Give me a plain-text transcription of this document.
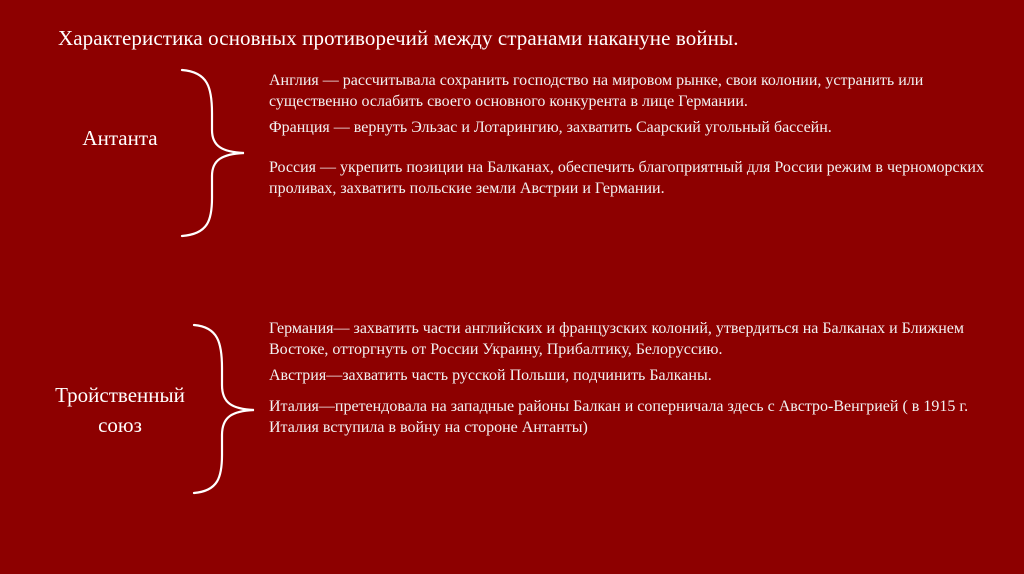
Характеристика основных противоречий между странами накануне войны.
Антанта

Англия — рассчитывала сохранить господство на мировом рынке, свои колонии, устранить или существенно ослабить своего основного конкурента в лице Германии.

Франция — вернуть Эльзас и Лотарингию, захватить Саарский угольный бассейн.

Россия — укрепить позиции на Балканах, обеспечить благоприятный для России режим в черноморских проливах, захватить польские земли Австрии и Германии.

Тройственный
союз

Германия— захватить части английских и французских колоний, утвердиться на Балканах и Ближнем Востоке, отторгнуть от России Украину, Прибалтику, Белоруссию.

Австрия—захватить часть русской Польши, подчинить Балканы.

Италия—претендовала на западные районы Балкан и соперничала здесь с Австро-Венгрией ( в 1915 г. Италия вступила в войну на стороне Антанты)
